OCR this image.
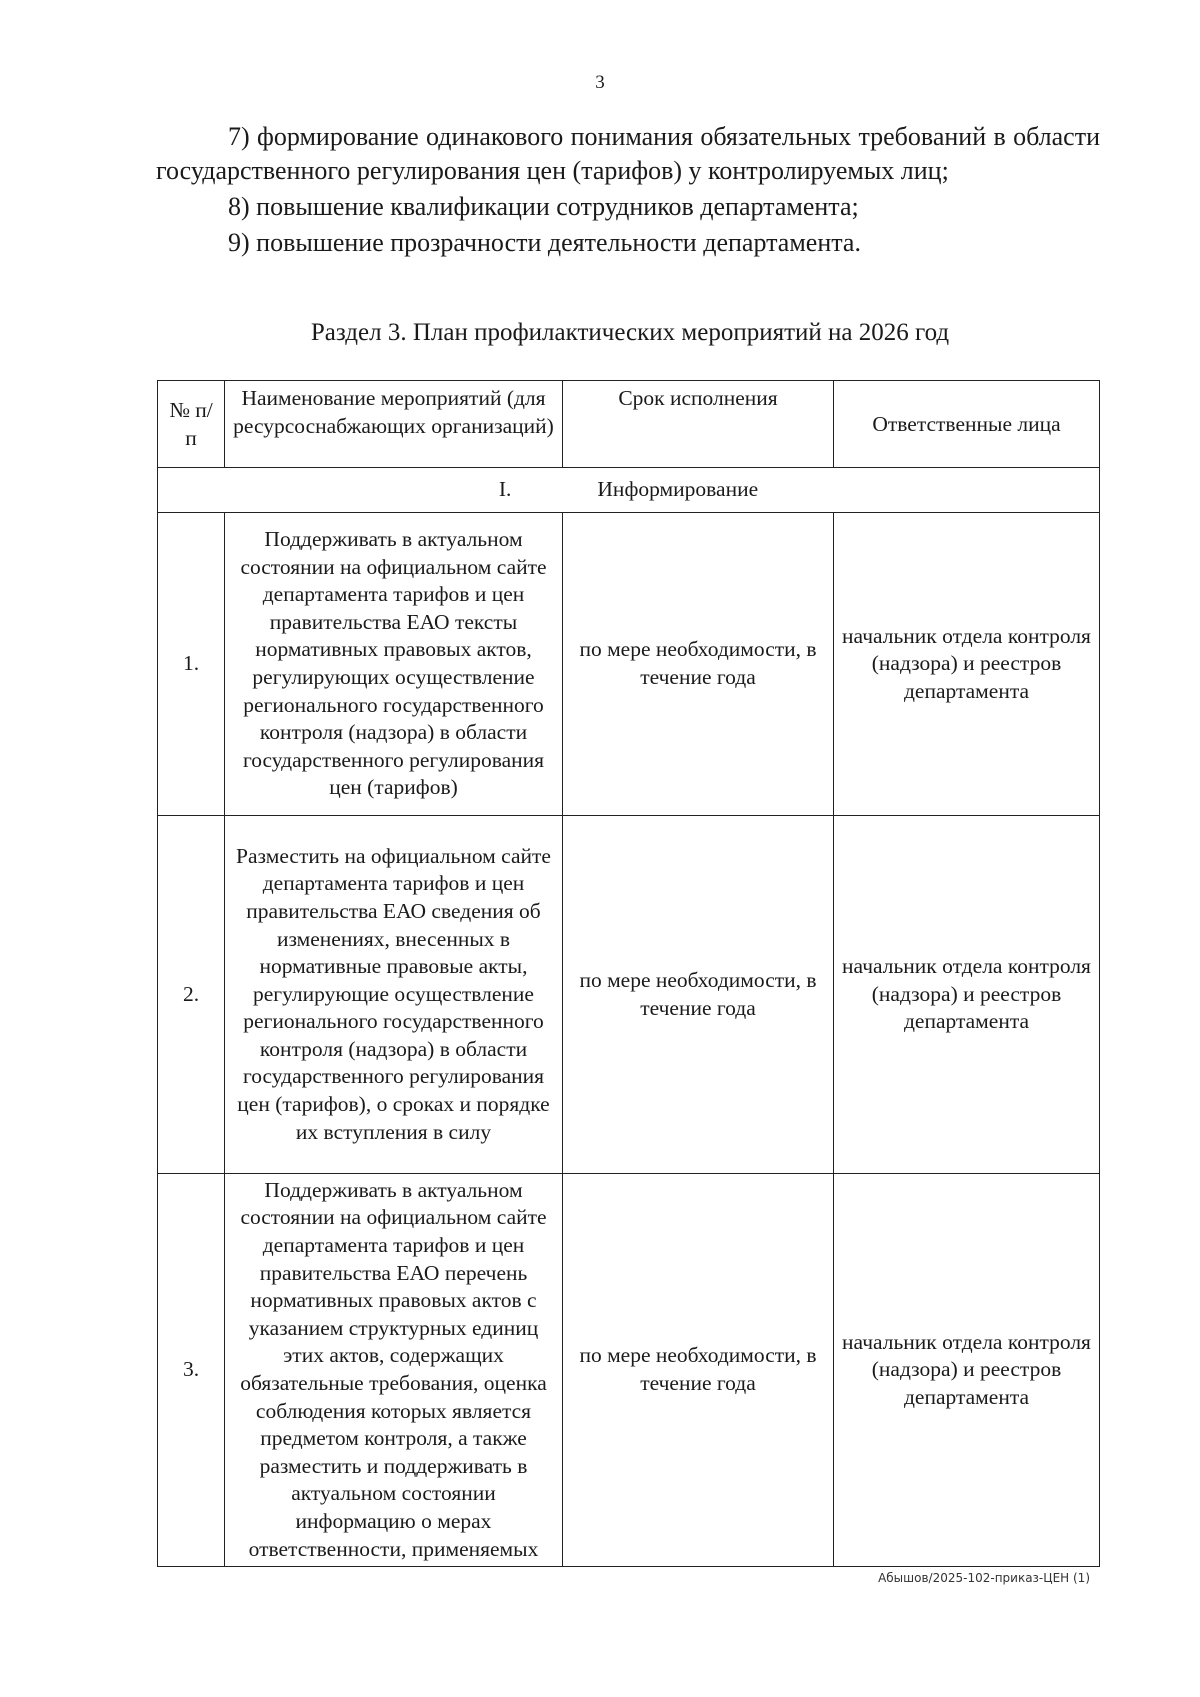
3

7) формирование одинакового понимания обязательных требований в области государственного регулирования цен (тарифов) у контролируемых лиц;

8) повышение квалификации сотрудников департамента;

9) повышение прозрачности деятельности департамента.

Раздел 3. План профилактических мероприятий на 2026 год
№ п/п	Наименование мероприятий (для ресурсоснабжающих организаций)	Срок исполнения	Ответственные лица
I. Информирование			
1.	Поддерживать в актуальном состоянии на официальном сайте департамента тарифов и цен правительства ЕАО тексты нормативных правовых актов, регулирующих осуществление регионального государственного контроля (надзора) в области государственного регулирования цен (тарифов)	по мере необходимости, в течение года	начальник отдела контроля (надзора) и реестров департамента
2.	Разместить на официальном сайте департамента тарифов и цен правительства ЕАО сведения об изменениях, внесенных в нормативные правовые акты, регулирующие осуществление регионального государственного контроля (надзора) в области государственного регулирования цен (тарифов), о сроках и порядке их вступления в силу	по мере необходимости, в течение года	начальник отдела контроля (надзора) и реестров департамента
3.	Поддерживать в актуальном состоянии на официальном сайте департамента тарифов и цен правительства ЕАО перечень нормативных правовых актов с указанием структурных единиц этих актов, содержащих обязательные требования, оценка соблюдения которых является предметом контроля, а также разместить и поддерживать в актуальном состоянии информацию о мерах ответственности, применяемых	по мере необходимости, в течение года	начальник отдела контроля (надзора) и реестров департамента
Абышов/2025-102-приказ-ЦЕН (1)
